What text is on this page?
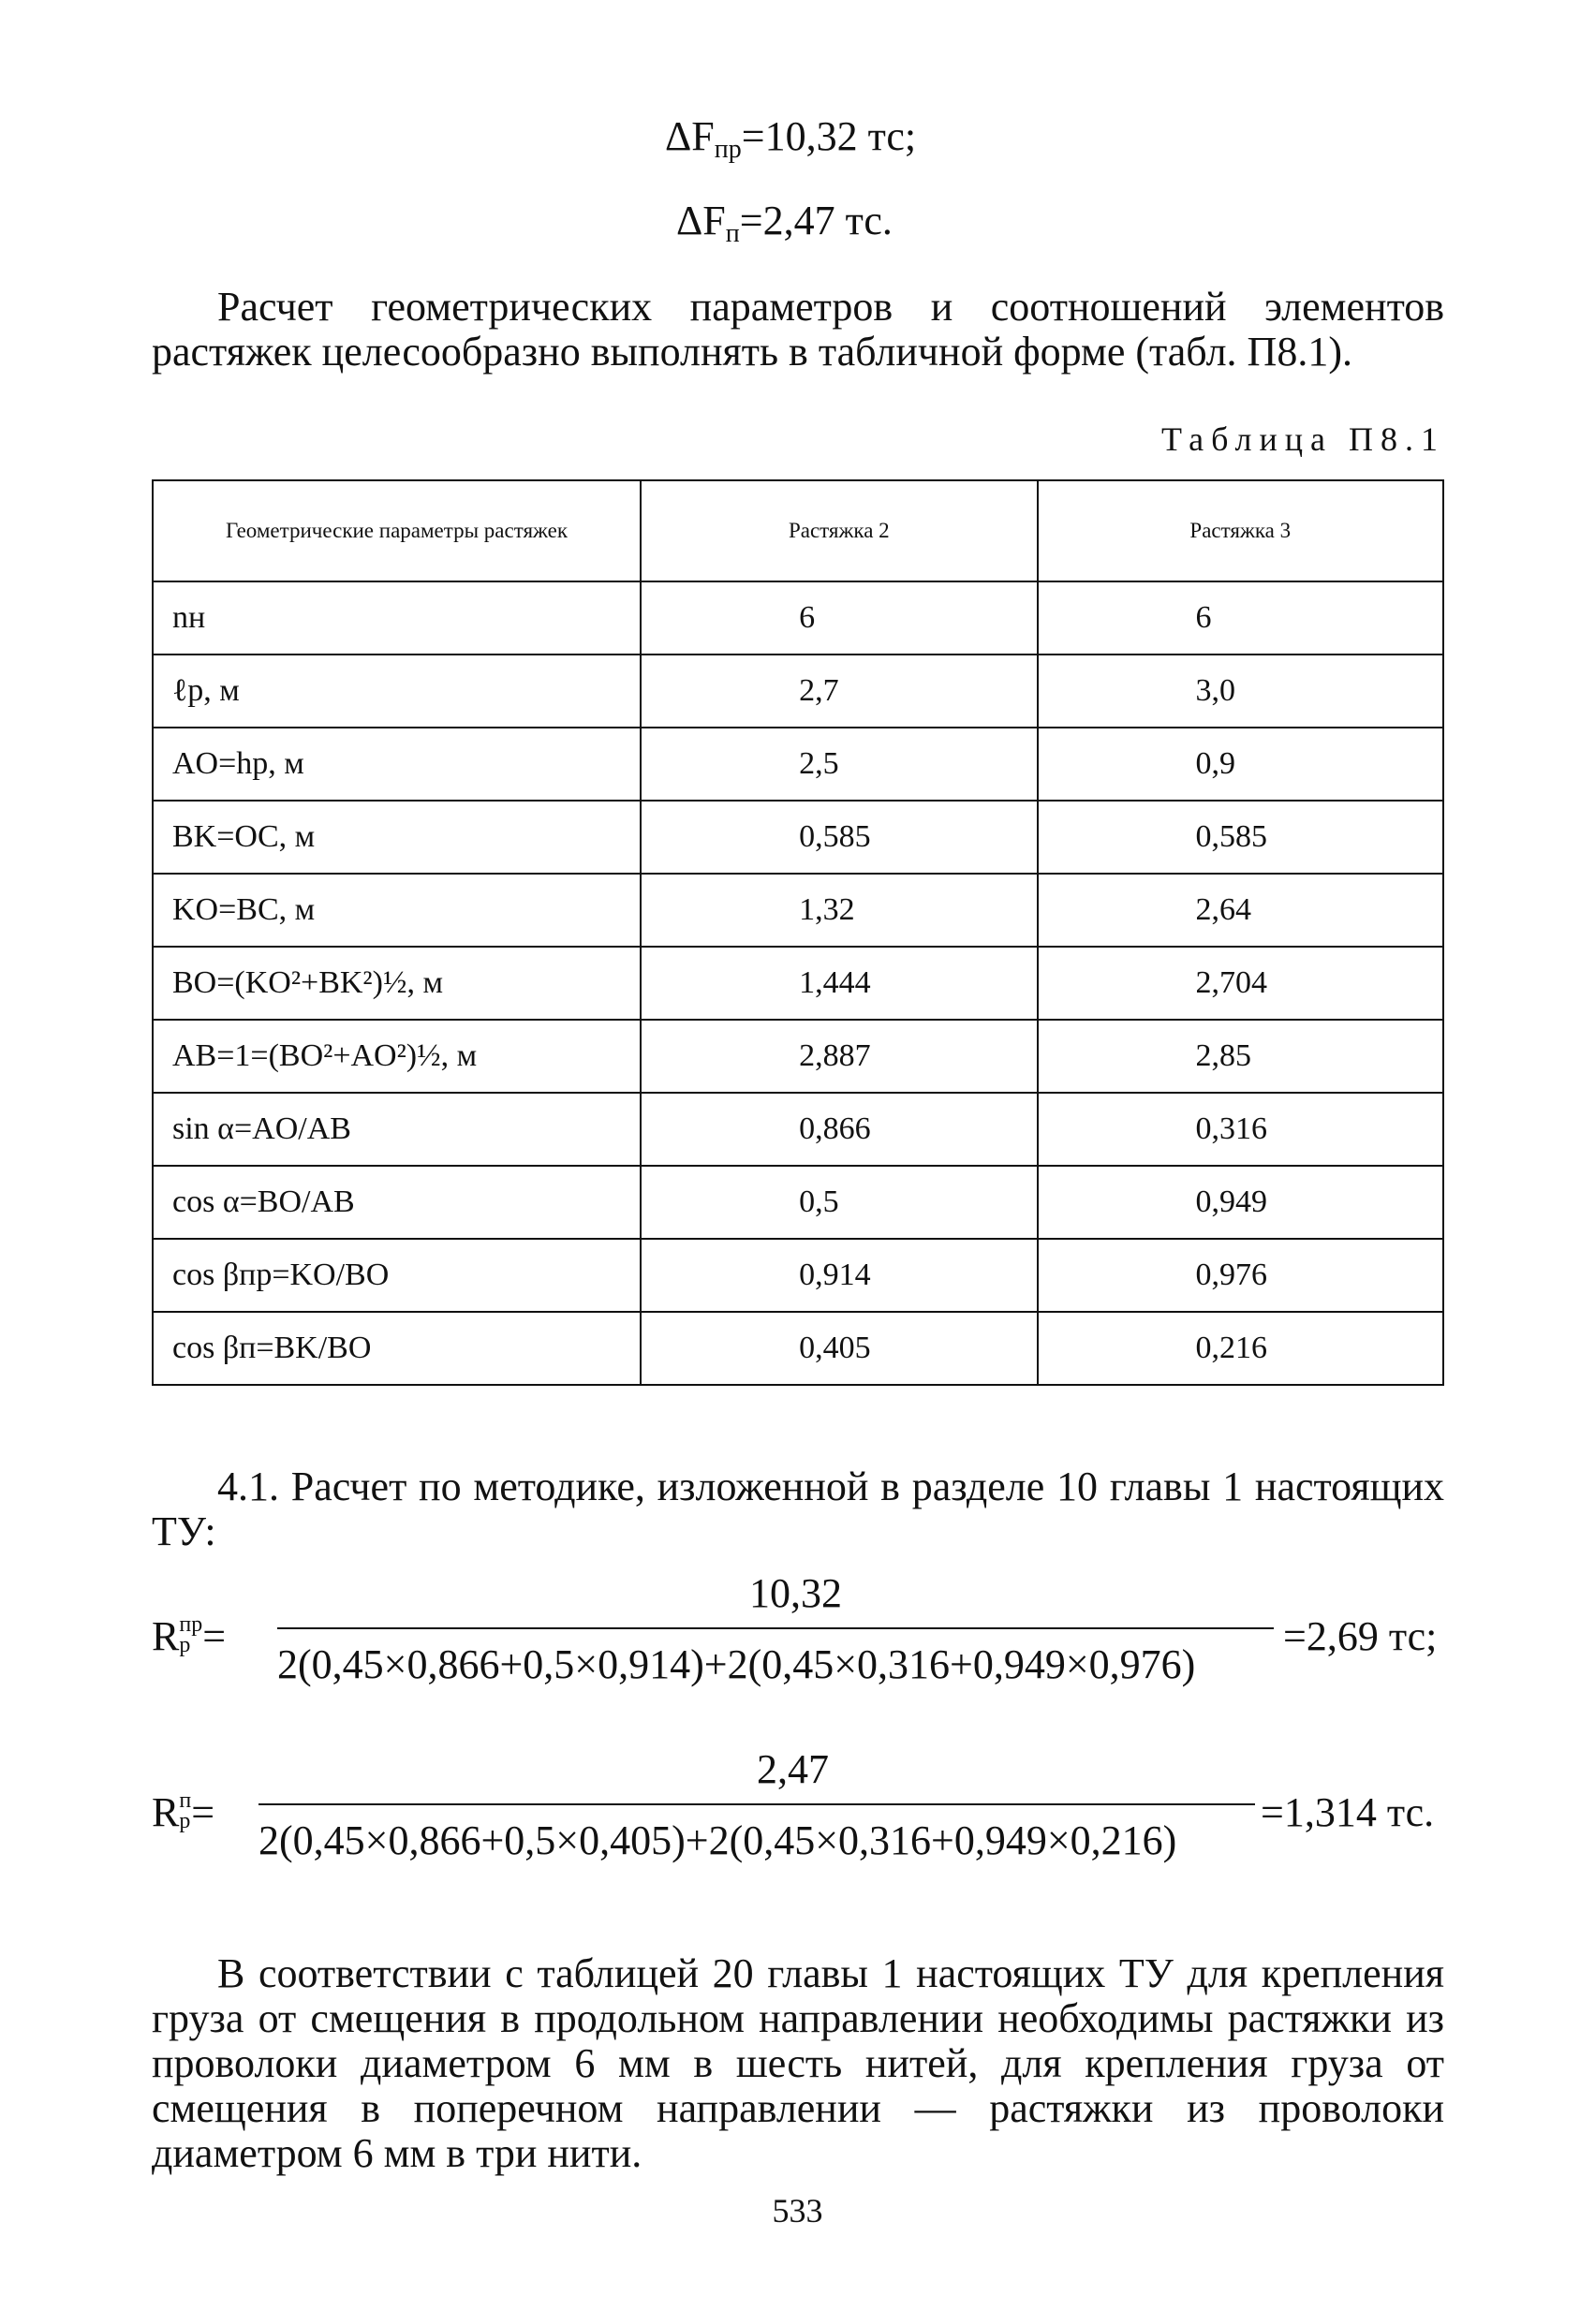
$\Delta F_{пр}=10,32$ тс;
$\Delta F_п=2,47$ тс.
Расчет геометрических параметров и соотношений элементов растяжек целесообразно выполнять в табличной форме (табл. П8.1).
Таблица П8.1
Геометрические параметры растяжек	Растяжка 2	Растяжка 3
nн	6	6
ℓр, м	2,7	3,0
AO=hр, м	2,5	0,9
BK=OC, м	0,585	0,585
KO=BC, м	1,32	2,64
BO=(KO²+BK²)½, м	1,444	2,704
AB=1=(BO²+AO²)½, м	2,887	2,85
sin α=AO/AB	0,866	0,316
cos α=BO/AB	0,5	0,949
cos βпр=KO/BO	0,914	0,976
cos βп=BK/BO	0,405	0,216
4.1. Расчет по методике, изложенной в разделе 10 главы 1 настоящих ТУ:
Rпр
р =
10,32
2(0,45×0,866+0,5×0,914)+2(0,45×0,316+0,949×0,976)
=2,69 тс;
Rп
р=
2,47
2(0,45×0,866+0,5×0,405)+2(0,45×0,316+0,949×0,216)
=1,314 тс.
В соответствии с таблицей 20 главы 1 настоящих ТУ для крепления груза от смещения в продольном направлении необходимы растяжки из проволоки диаметром 6 мм в шесть нитей, для крепления груза от смещения в поперечном направлении — растяжки из проволоки диаметром 6 мм в три нити.
533
